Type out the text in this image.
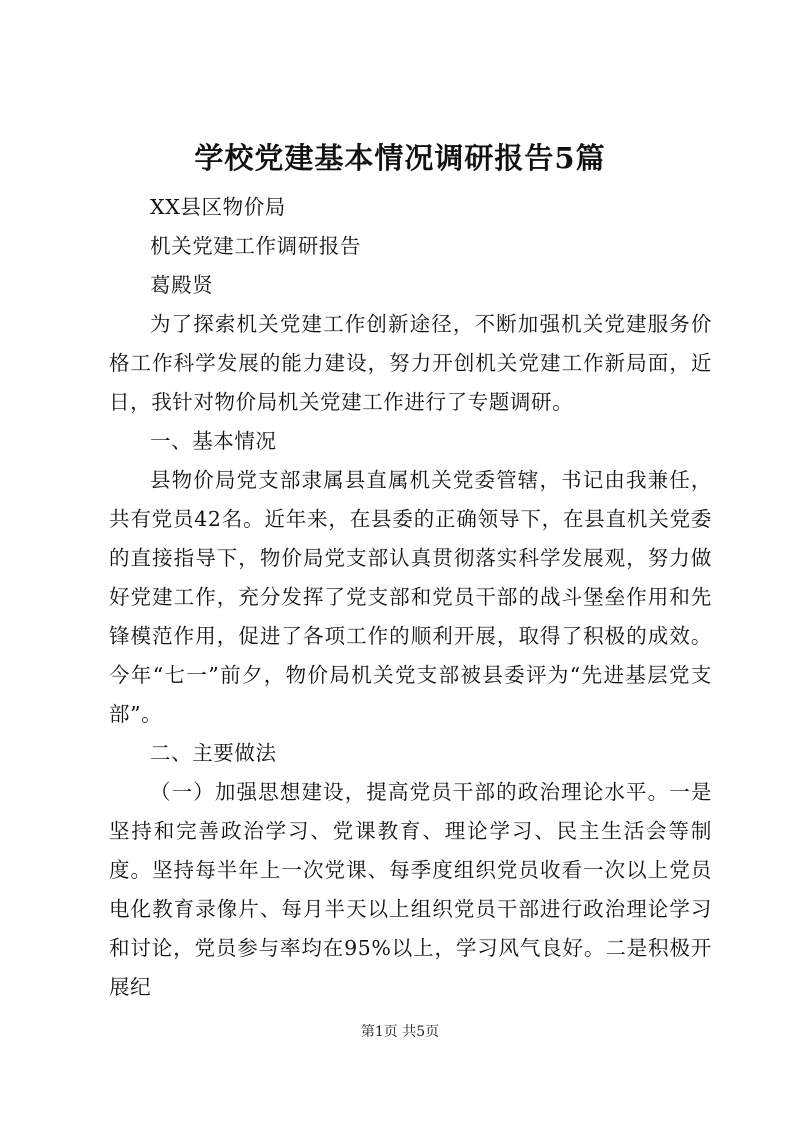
学校党建基本情况调研报告5篇

XX县区物价局

机关党建工作调研报告

葛殿贤

为了探索机关党建工作创新途径，不断加强机关党建服务价格工作科学发展的能力建设，努力开创机关党建工作新局面，近日，我针对物价局机关党建工作进行了专题调研。

一、基本情况

县物价局党支部隶属县直属机关党委管辖，书记由我兼任，共有党员42名。近年来，在县委的正确领导下，在县直机关党委的直接指导下，物价局党支部认真贯彻落实科学发展观，努力做好党建工作，充分发挥了党支部和党员干部的战斗堡垒作用和先锋模范作用，促进了各项工作的顺利开展，取得了积极的成效。今年“七一”前夕，物价局机关党支部被县委评为“先进基层党支部”。

二、主要做法

（一）加强思想建设，提高党员干部的政治理论水平。一是坚持和完善政治学习、党课教育、理论学习、民主生活会等制度。坚持每半年上一次党课、每季度组织党员收看一次以上党员电化教育录像片、每月半天以上组织党员干部进行政治理论学习和讨论，党员参与率均在95%以上，学习风气良好。二是积极开展纪

第1页 共5页
